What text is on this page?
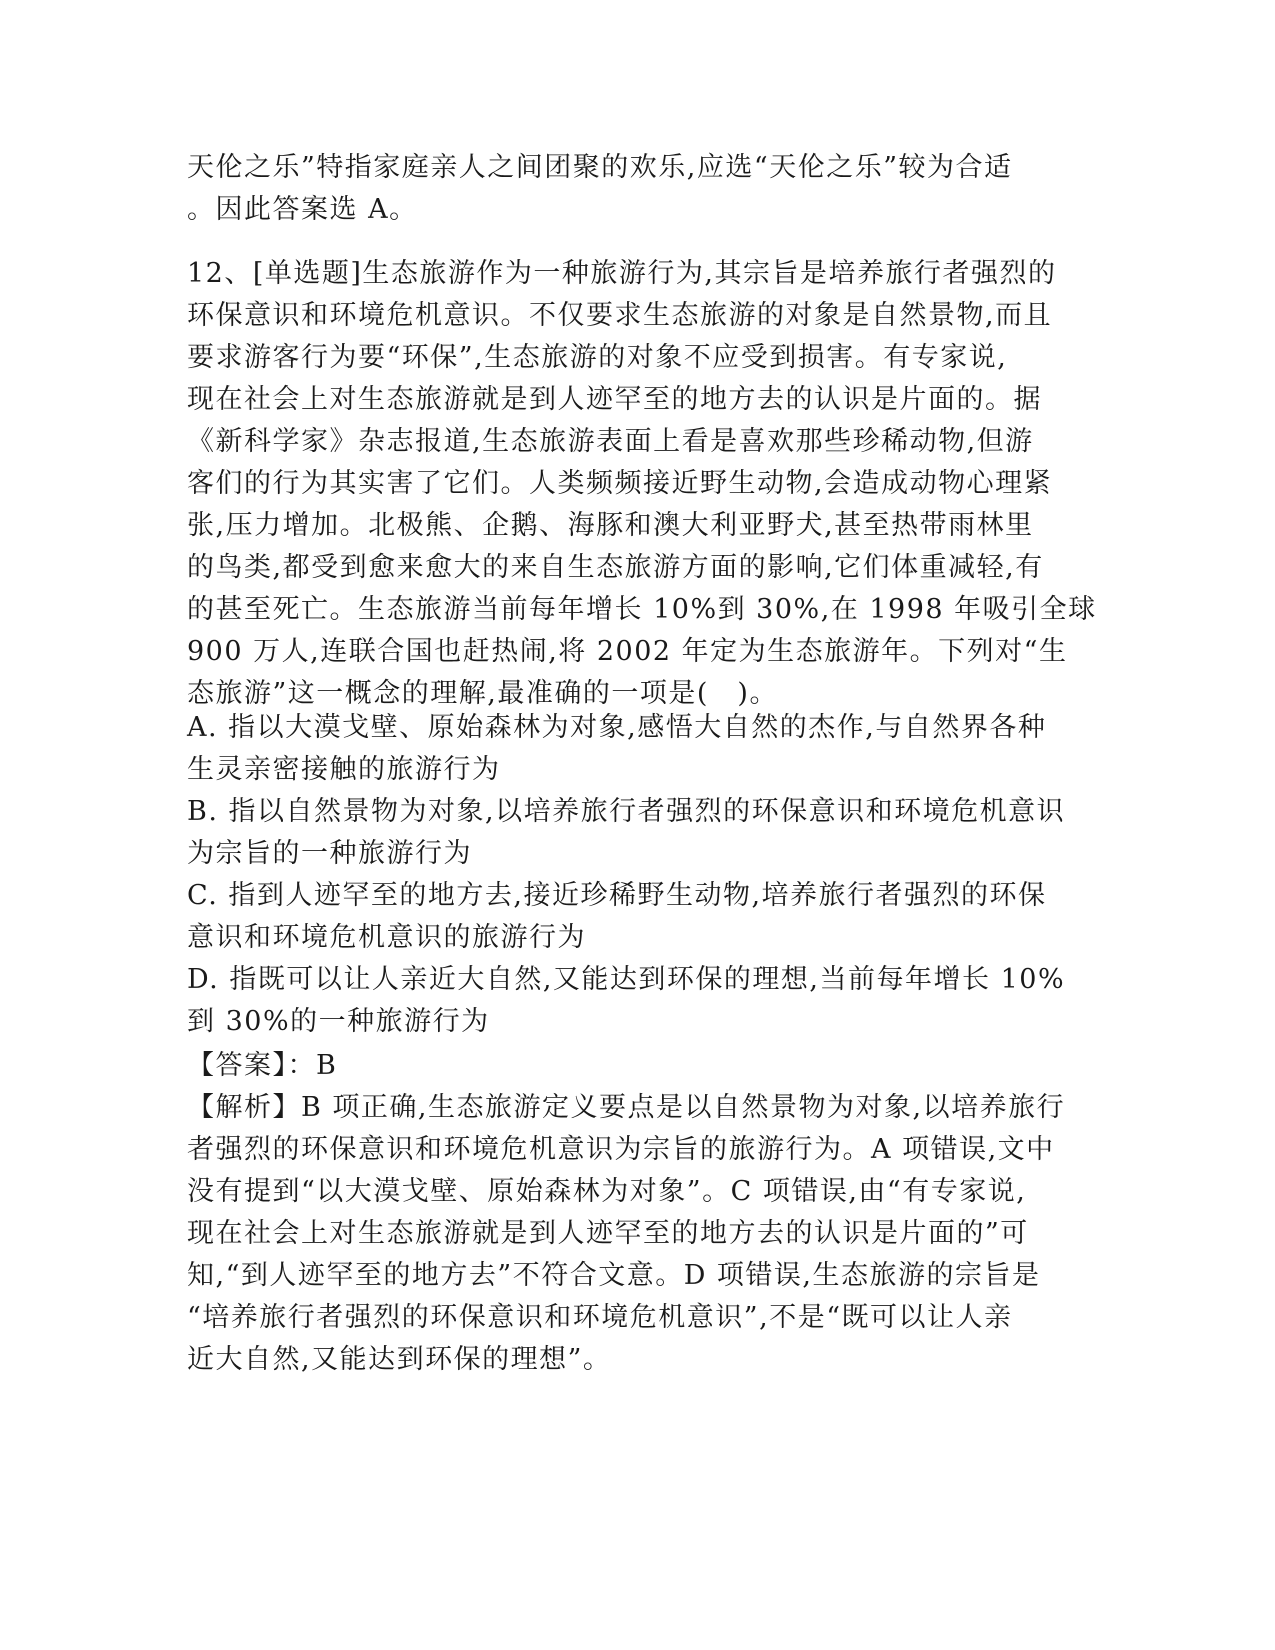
天伦之乐”特指家庭亲人之间团聚的欢乐,应选“天伦之乐”较为合适
。因此答案选 A。
12、[单选题]生态旅游作为一种旅游行为,其宗旨是培养旅行者强烈的
环保意识和环境危机意识。不仅要求生态旅游的对象是自然景物,而且
要求游客行为要“环保”,生态旅游的对象不应受到损害。有专家说,
现在社会上对生态旅游就是到人迹罕至的地方去的认识是片面的。据
《新科学家》杂志报道,生态旅游表面上看是喜欢那些珍稀动物,但游
客们的行为其实害了它们。人类频频接近野生动物,会造成动物心理紧
张,压力增加。北极熊、企鹅、海豚和澳大利亚野犬,甚至热带雨林里
的鸟类,都受到愈来愈大的来自生态旅游方面的影响,它们体重减轻,有
的甚至死亡。生态旅游当前每年增长 10%到 30%,在 1998 年吸引全球
900 万人,连联合国也赶热闹,将 2002 年定为生态旅游年。下列对“生
态旅游”这一概念的理解,最准确的一项是(　)。
A. 指以大漠戈壁、原始森林为对象,感悟大自然的杰作,与自然界各种
生灵亲密接触的旅游行为
B. 指以自然景物为对象,以培养旅行者强烈的环保意识和环境危机意识
为宗旨的一种旅游行为
C. 指到人迹罕至的地方去,接近珍稀野生动物,培养旅行者强烈的环保
意识和环境危机意识的旅游行为
D. 指既可以让人亲近大自然,又能达到环保的理想,当前每年增长 10%
到 30%的一种旅游行为
【答案】：B
【解析】B 项正确,生态旅游定义要点是以自然景物为对象,以培养旅行
者强烈的环保意识和环境危机意识为宗旨的旅游行为。A 项错误,文中
没有提到“以大漠戈壁、原始森林为对象”。C 项错误,由“有专家说,
现在社会上对生态旅游就是到人迹罕至的地方去的认识是片面的”可
知,“到人迹罕至的地方去”不符合文意。D 项错误,生态旅游的宗旨是
“培养旅行者强烈的环保意识和环境危机意识”,不是“既可以让人亲
近大自然,又能达到环保的理想”。
